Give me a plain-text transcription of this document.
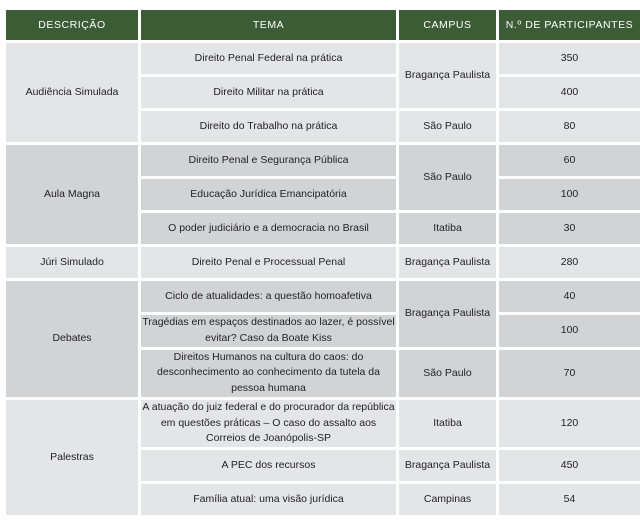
DESCRIÇÃO	TEMA	CAMPUS	N.º DE PARTICIPANTES
Audiência Simulada	Direito Penal Federal na prática	Bragança Paulista	350
	Direito Militar na prática		400
	Direito do Trabalho na prática	São Paulo	80
Aula Magna	Direito Penal e Segurança Pública	São Paulo	60
	Educação Jurídica Emancipatória		100
	O poder judiciário e a democracia no Brasil	Itatiba	30
Júri Simulado	Direito Penal e Processual Penal	Bragança Paulista	280
Debates	Ciclo de atualidades: a questão homoafetiva	Bragança Paulista	40
	Tragédias em espaços destinados ao lazer, é possível evitar? Caso da Boate Kiss		100
	Direitos Humanos na cultura do caos: do desconhecimento ao conhecimento da tutela da pessoa humana	São Paulo	70
Palestras	A atuação do juiz federal e do procurador da república em questões práticas – O caso do assalto aos Correios de Joanópolis-SP	Itatiba	120
	A PEC dos recursos	Bragança Paulista	450
	Família atual: uma visão jurídica	Campinas	54
